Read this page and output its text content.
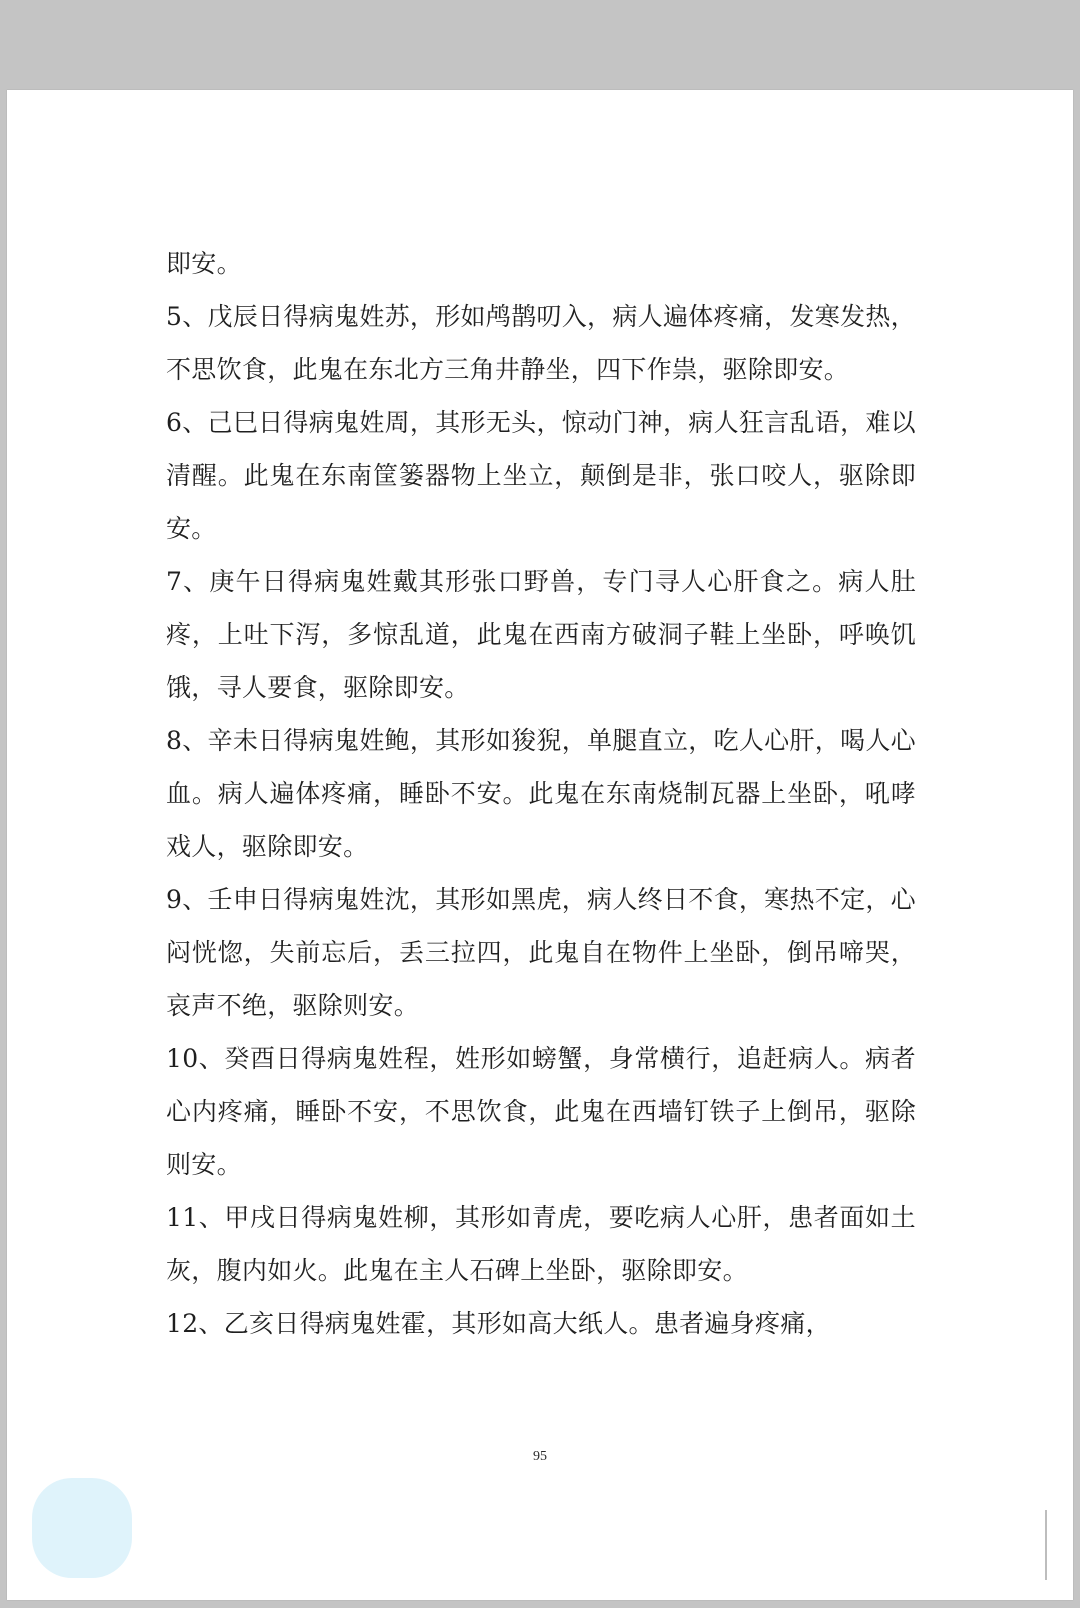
即安。

5、戊辰日得病鬼姓苏，形如鸬鹊叨入，病人遍体疼痛，发寒发热，不思饮食，此鬼在东北方三角井静坐，四下作祟，驱除即安。

6、己巳日得病鬼姓周，其形无头，惊动门神，病人狂言乱语，难以清醒。此鬼在东南筐篓器物上坐立，颠倒是非，张口咬人，驱除即安。

7、庚午日得病鬼姓戴其形张口野兽，专门寻人心肝食之。病人肚疼，上吐下泻，多惊乱道，此鬼在西南方破洞子鞋上坐卧，呼唤饥饿，寻人要食，驱除即安。

8、辛未日得病鬼姓鲍，其形如狻猊，单腿直立，吃人心肝，喝人心血。病人遍体疼痛，睡卧不安。此鬼在东南烧制瓦器上坐卧，吼哮戏人，驱除即安。

9、壬申日得病鬼姓沈，其形如黑虎，病人终日不食，寒热不定，心闷恍惚，失前忘后，丢三拉四，此鬼自在物件上坐卧，倒吊啼哭，哀声不绝，驱除则安。

10、癸酉日得病鬼姓程，姓形如螃蟹，身常横行，追赶病人。病者心内疼痛，睡卧不安，不思饮食，此鬼在西墙钉铁子上倒吊，驱除则安。

11、甲戌日得病鬼姓柳，其形如青虎，要吃病人心肝，患者面如土灰，腹内如火。此鬼在主人石碑上坐卧，驱除即安。

12、乙亥日得病鬼姓霍，其形如高大纸人。患者遍身疼痛，

95
